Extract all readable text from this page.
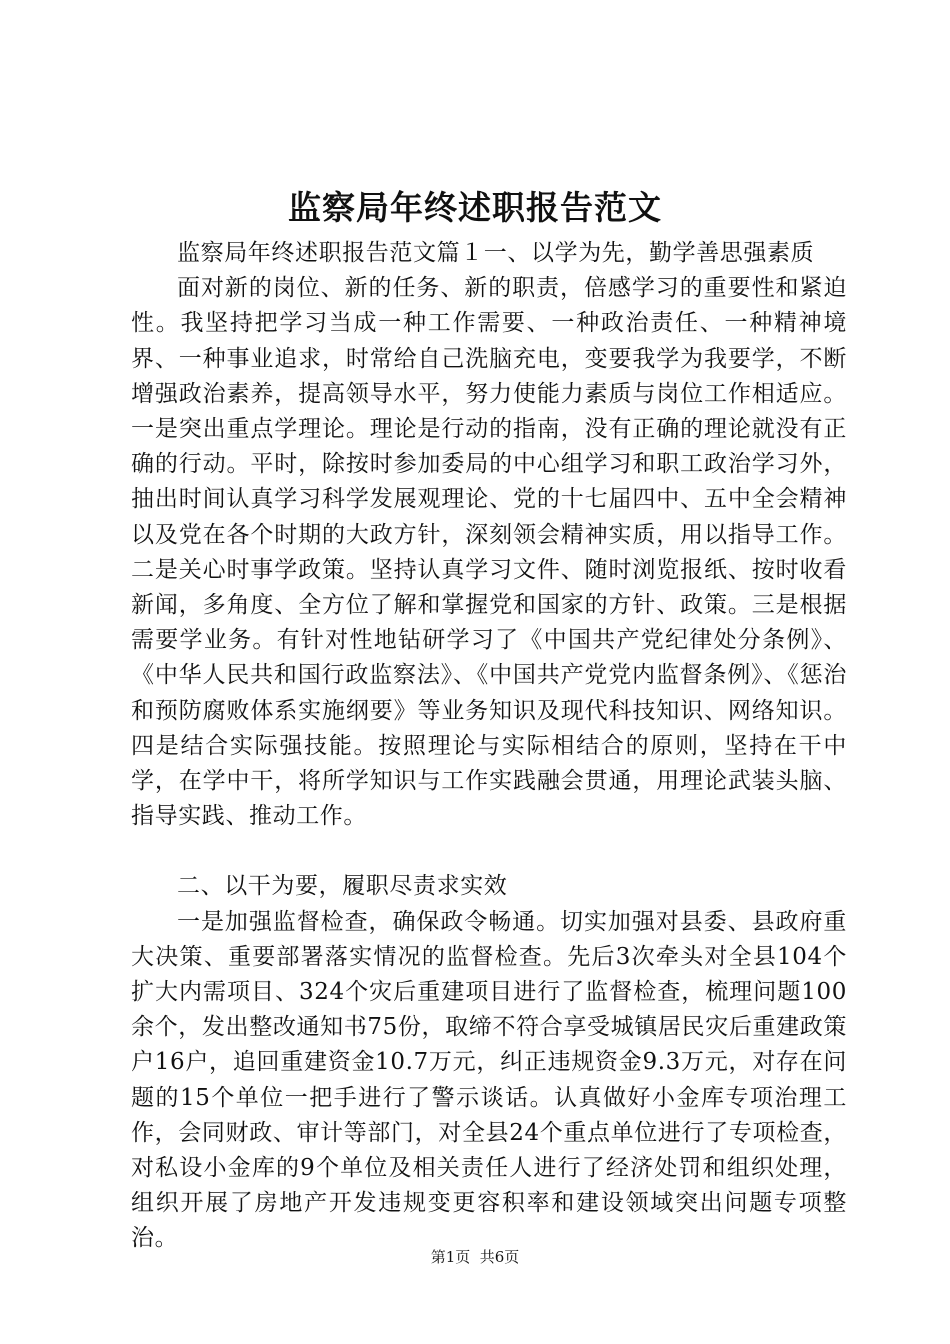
监察局年终述职报告范文

监察局年终述职报告范文篇１一、以学为先，勤学善思强素质

面对新的岗位、新的任务、新的职责，倍感学习的重要性和紧迫性。我坚持把学习当成一种工作需要、一种政治责任、一种精神境界、一种事业追求，时常给自己洗脑充电，变要我学为我要学，不断增强政治素养，提高领导水平，努力使能力素质与岗位工作相适应。一是突出重点学理论。理论是行动的指南，没有正确的理论就没有正确的行动。平时，除按时参加委局的中心组学习和职工政治学习外，抽出时间认真学习科学发展观理论、党的十七届四中、五中全会精神以及党在各个时期的大政方针，深刻领会精神实质，用以指导工作。二是关心时事学政策。坚持认真学习文件、随时浏览报纸、按时收看新闻，多角度、全方位了解和掌握党和国家的方针、政策。三是根据需要学业务。有针对性地钻研学习了《中国共产党纪律处分条例》、《中华人民共和国行政监察法》、《中国共产党党内监督条例》、《惩治和预防腐败体系实施纲要》等业务知识及现代科技知识、网络知识。四是结合实际强技能。按照理论与实际相结合的原则，坚持在干中学，在学中干，将所学知识与工作实践融会贯通，用理论武装头脑、指导实践、推动工作。

二、以干为要，履职尽责求实效

一是加强监督检查，确保政令畅通。切实加强对县委、县政府重大决策、重要部署落实情况的监督检查。先后3次牵头对全县104个扩大内需项目、324个灾后重建项目进行了监督检查，梳理问题100余个，发出整改通知书75份，取缔不符合享受城镇居民灾后重建政策户16户，追回重建资金10.7万元，纠正违规资金9.3万元，对存在问题的15个单位一把手进行了警示谈话。认真做好小金库专项治理工作，会同财政、审计等部门，对全县24个重点单位进行了专项检查，对私设小金库的9个单位及相关责任人进行了经济处罚和组织处理，组织开展了房地产开发违规变更容积率和建设领域突出问题专项整治。

第1页  共6页
